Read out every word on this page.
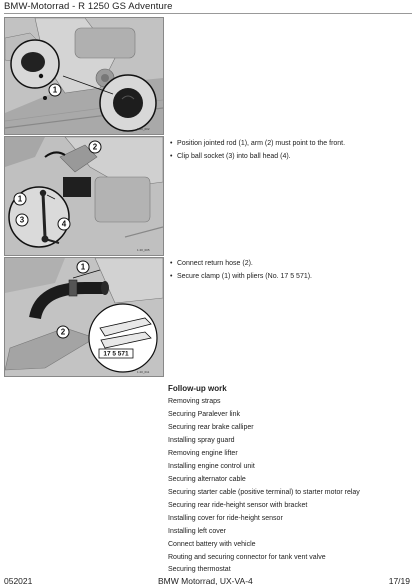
BMW-Motorrad - R 1250 GS Adventure
1
1 20_002
2
1
3	4
1 20_005
1
2
17 5 571
1 20_011
• Position jointed rod (1), arm (2) must point to the front.
• Clip ball socket (3) into ball head (4).
• Connect return hose (2).
• Secure clamp (1) with pliers (No. 17 5 571).
Follow-up work
Removing straps
Securing Paralever link
Securing rear brake calliper
Installing spray guard
Removing engine lifter
Installing engine control unit
Securing alternator cable
Securing starter cable (positive terminal) to starter motor relay
Securing rear ride-height sensor with bracket
Installing cover for ride-height sensor
Installing left cover
Connect battery with vehicle
Routing and securing connector for tank vent valve
Securing thermostat
052021	BMW Motorrad, UX-VA-4	17/19
